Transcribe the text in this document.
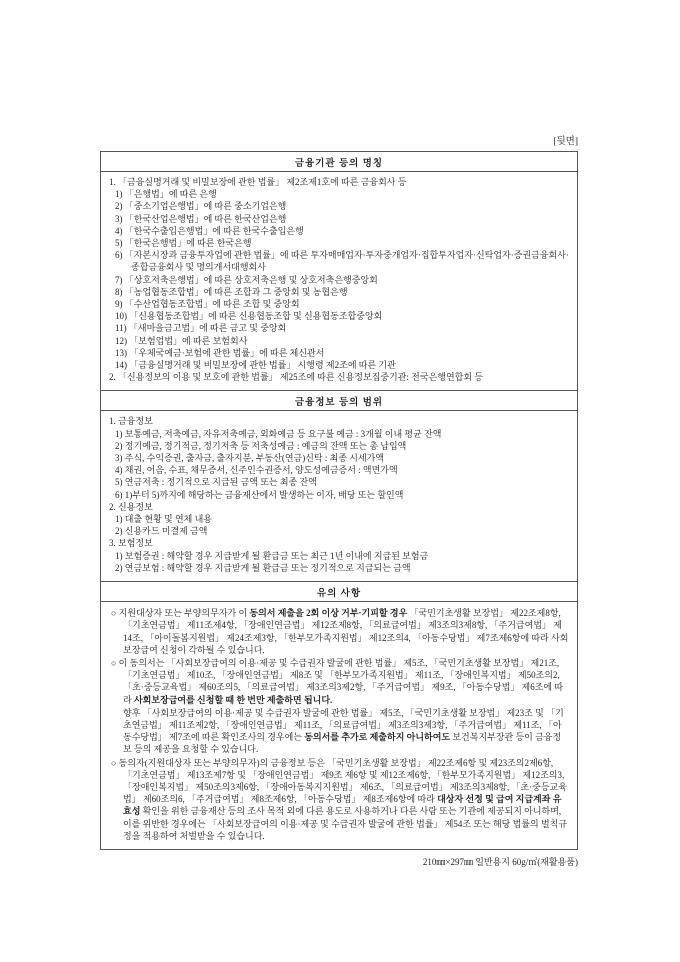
[뒷면]
금융기관 등의 명칭
1. 「금융실명거래 및 비밀보장에 관한 법률」 제2조제1호에 따른 금융회사 등
1) 「은행법」에 따른 은행
2) 「중소기업은행법」에 따른 중소기업은행
3) 「한국산업은행법」에 따른 한국산업은행
4) 「한국수출입은행법」에 따른 한국수출입은행
5) 「한국은행법」에 따른 한국은행
6) 「자본시장과 금융투자업에 관한 법률」에 따른 투자매매업자·투자중개업자·집합투자업자·신탁업자·증권금융회사·종합금융회사 및 명의개서대행회사
7) 「상호저축은행법」에 따른 상호저축은행 및 상호저축은행중앙회
8) 「농업협동조합법」에 따른 조합과 그 중앙회 및 농협은행
9) 「수산업협동조합법」에 따른 조합 및 중앙회
10) 「신용협동조합법」에 따른 신용협동조합 및 신용협동조합중앙회
11) 「새마을금고법」에 따른 금고 및 중앙회
12) 「보험업법」에 따른 보험회사
13) 「우체국예금·보험에 관한 법률」에 따른 체신관서
14) 「금융실명거래 및 비밀보장에 관한 법률」 시행령 제2조에 따른 기관
2. 「신용정보의 이용 및 보호에 관한 법률」 제25조에 따른 신용정보집중기관: 전국은행연합회 등
금융정보 등의 범위
1. 금융정보
1) 보통예금, 저축예금, 자유저축예금, 외화예금 등 요구불 예금 : 3개월 이내 평균 잔액
2) 정기예금, 정기적금, 정기저축 등 저축성예금 : 예금의 잔액 또는 총 납입액
3) 주식, 수익증권, 출자금, 출자지분, 부동산(연금)신탁 : 최종 시세가액
4) 채권, 어음, 수표, 채무증서, 신주인수권증서, 양도성예금증서 : 액면가액
5) 연금저축 : 정기적으로 지급된 금액 또는 최종 잔액
6) 1)부터 5)까지에 해당하는 금융재산에서 발생하는 이자, 배당 또는 할인액
2. 신용정보
1) 대출 현황 및 연체 내용
2) 신용카드 미결제 금액
3. 보험정보
1) 보험증권 : 해약할 경우 지급받게 될 환급금 또는 최근 1년 이내에 지급된 보험금
2) 연금보험 : 해약할 경우 지급받게 될 환급금 또는 정기적으로 지급되는 금액
유의 사항
○ 지원대상자 또는 부양의무자가 이 동의서 제출을 2회 이상 거부·기피할 경우 「국민기초생활 보장법」 제22조제8항, 「기초연금법」 제11조제4항, 「장애인연금법」 제12조제8항, 「의료급여법」 제3조의3제8항, 「주거급여법」 제14조, 「아이돌봄지원법」 제24조제3항, 「한부모가족지원법」 제12조의4, 「아동수당법」 제7조제6항에 따라 사회보장급여 신청이 각하될 수 있습니다.
○ 이 동의서는 「사회보장급여의 이용·제공 및 수급권자 발굴에 관한 법률」 제5조, 「국민기초생활 보장법」 제21조, 「기초연금법」 제10조, 「장애인연금법」 제8조 및 「한부모가족지원법」 제11조, 「장애인복지법」 제50조의2, 「초·중등교육법」 제60조의5, 「의료급여법」 제3조의3제2항, 「주거급여법」 제9조, 「아동수당법」 제6조에 따라 사회보장급여를 신청할 때 한 번만 제출하면 됩니다.
향후 「사회보장급여의 이용·제공 및 수급권자 발굴에 관한 법률」 제5조, 「국민기초생활 보장법」 제23조 및 「기초연금법」 제11조제2항, 「장애인연금법」 제11조, 「의료급여법」 제3조의3제3항, 「주거급여법」 제11조, 「아동수당법」 제7조에 따른 확인조사의 경우에는 동의서를 추가로 제출하지 아니하여도 보건복지부장관 등이 금융정보 등의 제공을 요청할 수 있습니다.
○ 동의자(지원대상자 또는 부양의무자)의 금융정보 등은 「국민기초생활 보장법」 제22조제6항 및 제23조의2제6항, 「기초연금법」 제13조제7항 및 「장애인연금법」 제9조 제6항 및 제12조제6항, 「한부모가족지원법」 제12조의3, 「장애인복지법」 제50조의3제6항, 「장애아동복지지원법」 제6조, 「의료급여법」 제3조의3제8항, 「초·중등교육법」 제60조의6, 「주거급여법」 제8조제6항, 「아동수당법」 제8조제6항에 따라 대상자 선정 및 급여 지급계좌 유효성 확인을 위한 금융재산 등의 조사 목적 외에 다른 용도로 사용하거나 다른 사람 또는 기관에 제공되지 아니하며, 이를 위반한 경우에는 「사회보장급여의 이용·제공 및 수급권자 발굴에 관한 법률」 제54조 또는 해당 법률의 벌칙규정을 적용하여 처벌받을 수 있습니다.
210㎜×297㎜ 일반용지 60g/㎡(재활용품)
